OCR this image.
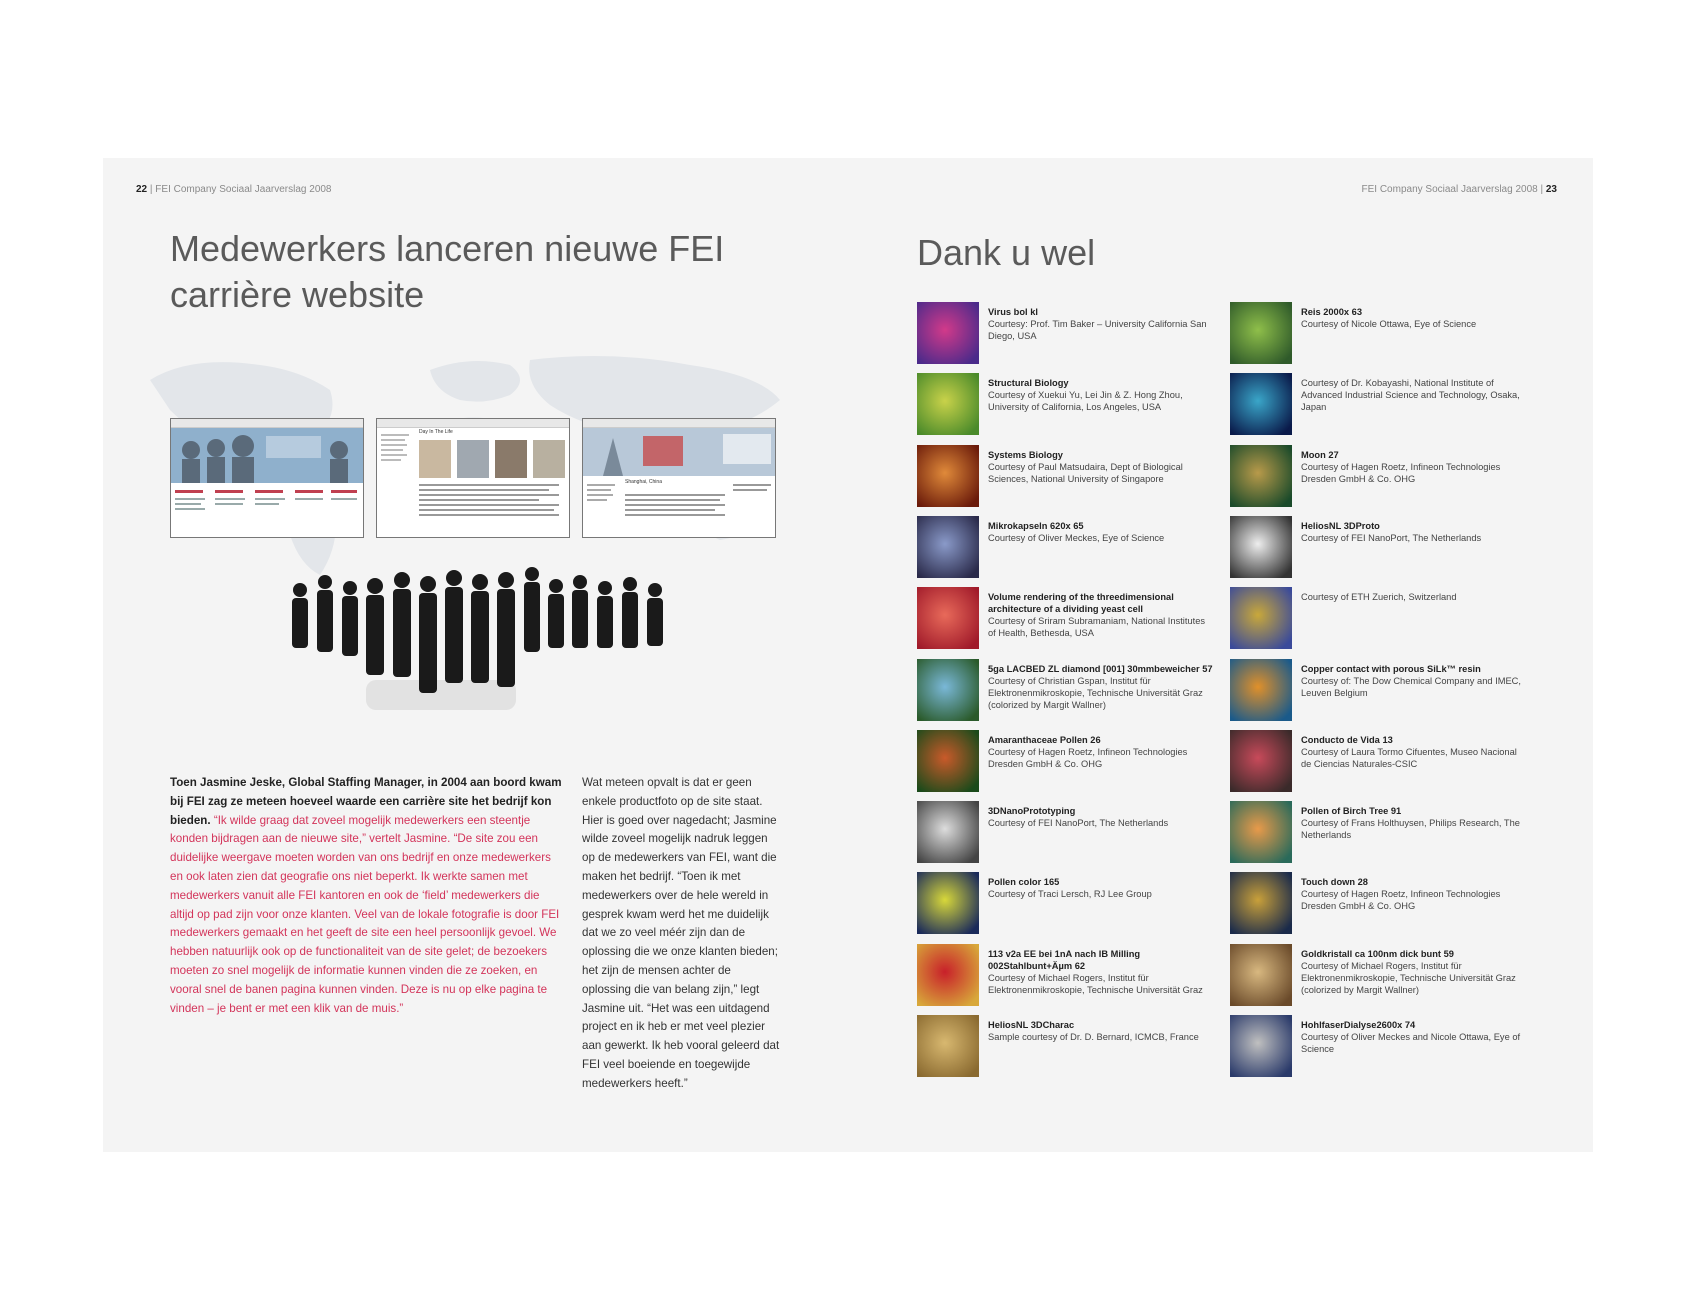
22 | FEI Company Sociaal Jaarverslag 2008	FEI Company Sociaal Jaarverslag 2008 | 23
Medewerkers lanceren nieuwe FEI carrière website
Dank u wel
Day In The Life
Shanghai, China
Toen Jasmine Jeske, Global Staffing Manager, in 2004 aan boord kwam bij FEI zag ze meteen hoeveel waarde een carrière site het bedrijf kon bieden. “Ik wilde graag dat zoveel mogelijk medewerkers een steentje konden bijdragen aan de nieuwe site,” vertelt Jasmine. “De site zou een duidelijke weergave moeten worden van ons bedrijf en onze medewerkers en ook laten zien dat geografie ons niet beperkt. Ik werkte samen met medewerkers vanuit alle FEI kantoren en ook de ‘field’ medewerkers die altijd op pad zijn voor onze klanten. Veel van de lokale fotografie is door FEI medewerkers gemaakt en het geeft de site een heel persoonlijk gevoel. We hebben natuurlijk ook op de functionaliteit van de site gelet; de bezoekers moeten zo snel mogelijk de informatie kunnen vinden die ze zoeken, en vooral snel de banen pagina kunnen vinden. Deze is nu op elke pagina te vinden – je bent er met een klik van de muis.”
Wat meteen opvalt is dat er geen enkele productfoto op de site staat. Hier is goed over nagedacht; Jasmine wilde zoveel mogelijk nadruk leggen op de medewerkers van FEI, want die maken het bedrijf. “Toen ik met medewerkers over de hele wereld in gesprek kwam werd het me duidelijk dat we zo veel méér zijn dan de oplossing die we onze klanten bieden; het zijn de mensen achter de oplossing die van belang zijn,” legt Jasmine uit. “Het was een uitdagend project en ik heb er met veel plezier aan gewerkt. Ik heb vooral geleerd dat FEI veel boeiende en toegewijde medewerkers heeft.”
Virus bol kl
Courtesy: Prof. Tim Baker – University California San Diego, USA
Reis 2000x 63
Courtesy of Nicole Ottawa, Eye of Science
Structural Biology
Courtesy of Xuekui Yu, Lei Jin & Z. Hong Zhou, University of California, Los Angeles, USA
Courtesy of Dr. Kobayashi, National Institute of Advanced Industrial Science and Technology, Osaka, Japan
Systems Biology
Courtesy of Paul Matsudaira, Dept of Biological Sciences, National University of Singapore
Moon 27
Courtesy of Hagen Roetz, Infineon Technologies Dresden GmbH & Co. OHG
Mikrokapseln 620x 65
Courtesy of Oliver Meckes, Eye of Science
HeliosNL 3DProto
Courtesy of FEI NanoPort, The Netherlands
Volume rendering of the threedimensional architecture of a dividing yeast cell
Courtesy of Sriram Subramaniam, National Institutes of Health, Bethesda, USA
Courtesy of ETH Zuerich, Switzerland
5ga LACBED ZL diamond [001] 30mmbeweicher 57
Courtesy of Christian Gspan, Institut für Elektronenmikroskopie, Technische Universität Graz (colorized by Margit Wallner)
Copper contact with porous SiLk™ resin
Courtesy of: The Dow Chemical Company and IMEC, Leuven Belgium
Amaranthaceae Pollen 26
Courtesy of Hagen Roetz, Infineon Technologies Dresden GmbH & Co. OHG
Conducto de Vida 13
Courtesy of Laura Tormo Cifuentes, Museo Nacional de Ciencias Naturales-CSIC
3DNanoPrototyping
Courtesy of FEI NanoPort, The Netherlands
Pollen of Birch Tree 91
Courtesy of Frans Holthuysen, Philips Research, The Netherlands
Pollen color 165
Courtesy of Traci Lersch, RJ Lee Group
Touch down 28
Courtesy of Hagen Roetz, Infineon Technologies Dresden GmbH & Co. OHG
113 v2a EE bei 1nA nach IB Milling 002Stahlbunt+Äµm 62
Courtesy of Michael Rogers, Institut für Elektronenmikroskopie, Technische Universität Graz
Goldkristall ca 100nm dick bunt 59
Courtesy of Michael Rogers, Institut für Elektronenmikroskopie, Technische Universität Graz (colorized by Margit Wallner)
HeliosNL 3DCharac
Sample courtesy of Dr. D. Bernard, ICMCB, France
HohlfaserDialyse2600x 74
Courtesy of Oliver Meckes and Nicole Ottawa, Eye of Science
